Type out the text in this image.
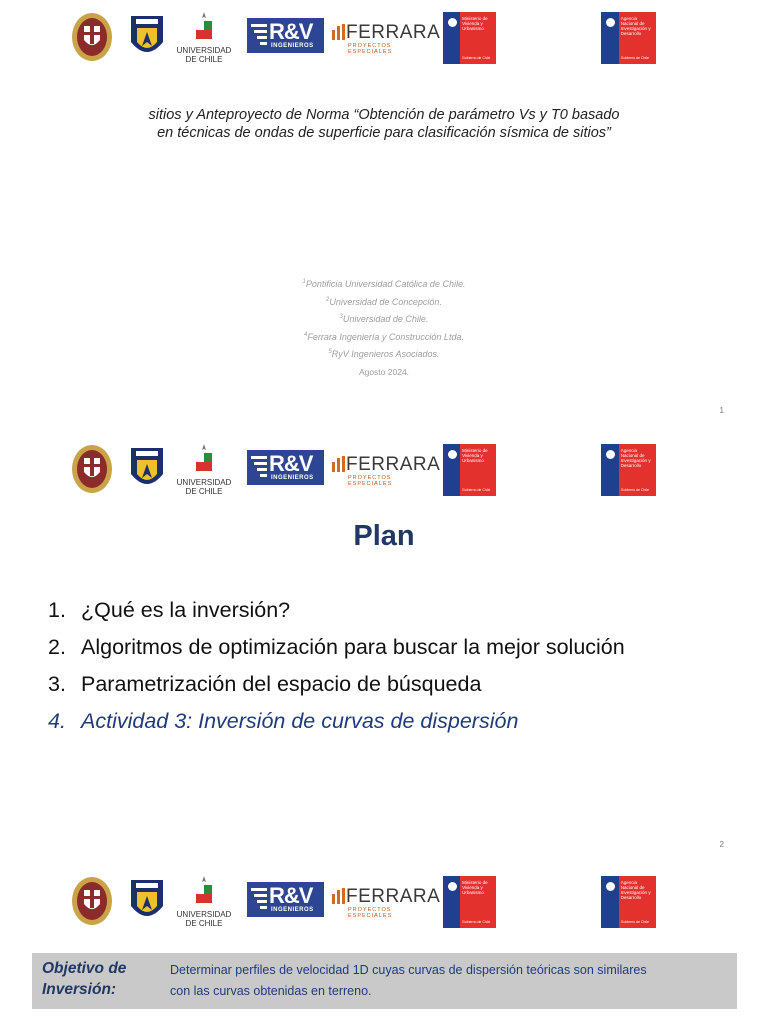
UNIVERSIDAD
DE CHILE
R&V
INGENIEROS
FERRARA
PROYECTOS ESPECIALES
Ministerio de Vivienda y Urbanismo
Gobierno de Chile
Agencia Nacional de Investigación y Desarrollo
Gobierno de Chile
sitios y Anteproyecto de Norma “Obtención de parámetro Vs y T0 basado
en técnicas de ondas de superficie para clasificación sísmica de sitios”
$^1$Pontificia Universidad Católica de Chile.
$^2$Universidad de Concepción.
$^3$Universidad de Chile.
$^4$Ferrara Ingeniería y Construcción Ltda.
$^5$RyV Ingenieros Asociados.
Agosto 2024.
1
UNIVERSIDAD
DE CHILE
R&V
INGENIEROS
FERRARA
PROYECTOS ESPECIALES
Ministerio de Vivienda y Urbanismo
Gobierno de Chile
Agencia Nacional de Investigación y Desarrollo
Gobierno de Chile
Plan
1. ¿Qué es la inversión?
2. Algoritmos de optimización para buscar la mejor solución
3. Parametrización del espacio de búsqueda
4. Actividad 3: Inversión de curvas de dispersión
2
UNIVERSIDAD
DE CHILE
R&V
INGENIEROS
FERRARA
PROYECTOS ESPECIALES
Ministerio de Vivienda y Urbanismo
Gobierno de Chile
Agencia Nacional de Investigación y Desarrollo
Gobierno de Chile
Objetivo de
Inversión:
Determinar perfiles de velocidad 1D cuyas curvas de dispersión teóricas son similares
con las curvas obtenidas en terreno.
